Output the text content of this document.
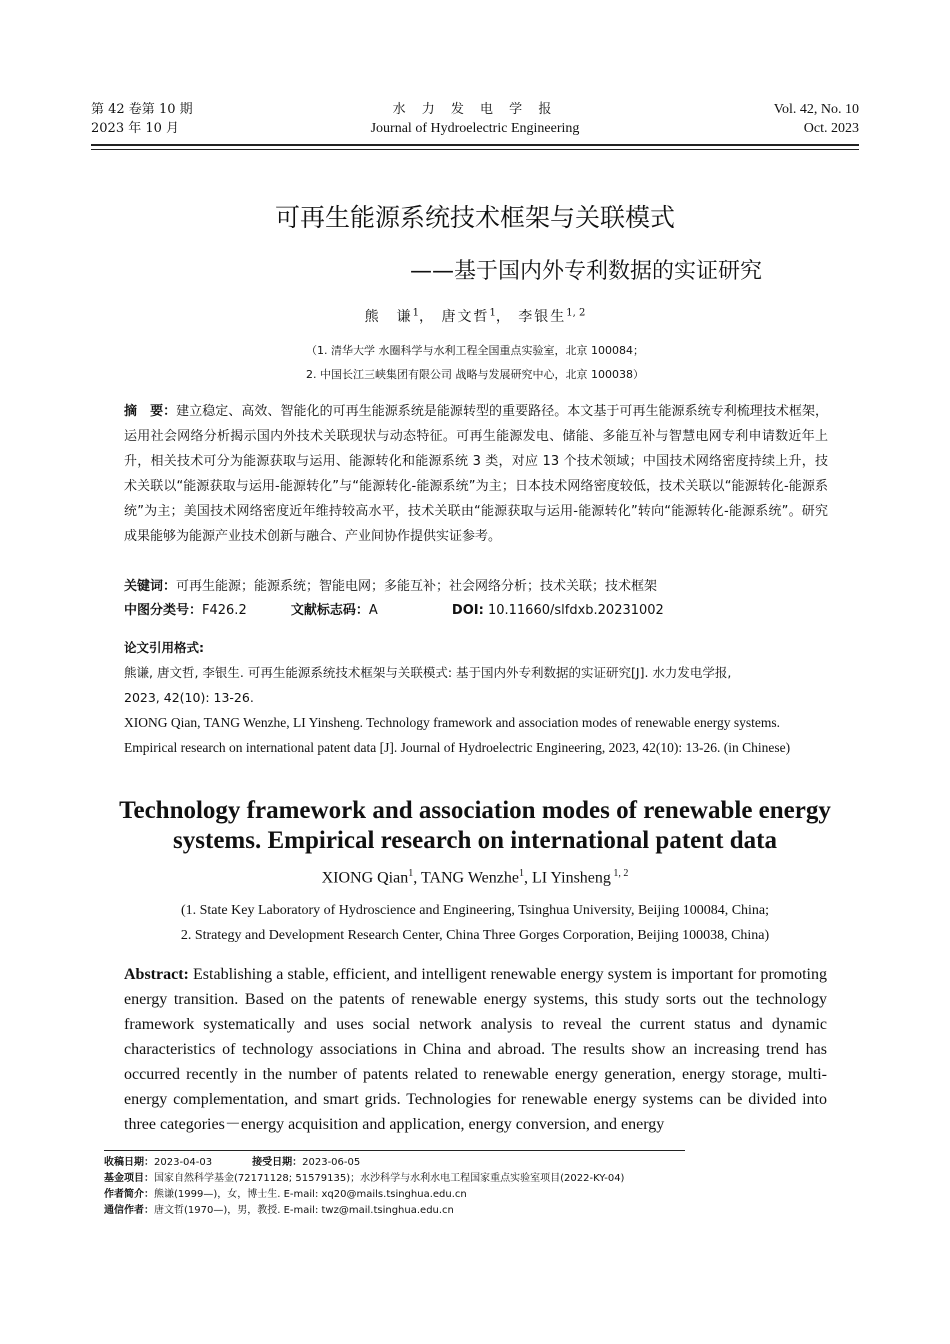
第 42 卷第 10 期
2023 年 10 月
水 力 发 电 学 报
Journal of Hydroelectric Engineering
Vol. 42, No. 10
Oct. 2023
可再生能源系统技术框架与关联模式
——基于国内外专利数据的实证研究
熊　谦$^1$， 唐文哲$^1$， 李银生$^{1, 2}$
（1. 清华大学 水圈科学与水利工程全国重点实验室，北京 100084；
2. 中国长江三峡集团有限公司 战略与发展研究中心，北京 100038）
摘　要：建立稳定、高效、智能化的可再生能源系统是能源转型的重要路径。本文基于可再生能源系统专利梳理技术框架，运用社会网络分析揭示国内外技术关联现状与动态特征。可再生能源发电、储能、多能互补与智慧电网专利申请数近年上升，相关技术可分为能源获取与运用、能源转化和能源系统 3 类，对应 13 个技术领域；中国技术网络密度持续上升，技术关联以“能源获取与运用-能源转化”与“能源转化-能源系统”为主；日本技术网络密度较低，技术关联以“能源转化-能源系统”为主；美国技术网络密度近年维持较高水平，技术关联由“能源获取与运用-能源转化”转向“能源转化-能源系统”。研究成果能够为能源产业技术创新与融合、产业间协作提供实证参考。
关键词：可再生能源；能源系统；智能电网；多能互补；社会网络分析；技术关联；技术框架
中图分类号：F426.2	文献标志码：A	DOI: 10.11660/slfdxb.20231002
论文引用格式:
熊谦, 唐文哲, 李银生. 可再生能源系统技术框架与关联模式: 基于国内外专利数据的实证研究[J]. 水力发电学报,
2023, 42(10): 13-26.
XIONG Qian, TANG Wenzhe, LI Yinsheng. Technology framework and association modes of renewable energy systems.
Empirical research on international patent data [J]. Journal of Hydroelectric Engineering, 2023, 42(10): 13-26. (in Chinese)
Technology framework and association modes of renewable energy
systems. Empirical research on international patent data
XIONG Qian$^1$, TANG Wenzhe$^1$, LI Yinsheng $^{1, 2}$
(1. State Key Laboratory of Hydroscience and Engineering, Tsinghua University, Beijing 100084, China;
2. Strategy and Development Research Center, China Three Gorges Corporation, Beijing 100038, China)
Abstract: Establishing a stable, efficient, and intelligent renewable energy system is important for promoting energy transition. Based on the patents of renewable energy systems, this study sorts out the technology framework systematically and uses social network analysis to reveal the current status and dynamic characteristics of technology associations in China and abroad. The results show an increasing trend has occurred recently in the number of patents related to renewable energy generation, energy storage, multi-energy complementation, and smart grids. Technologies for renewable energy systems can be divided into three categories－energy acquisition and application, energy conversion, and energy
收稿日期：2023-04-03	接受日期：2023-06-05
基金项目：国家自然科学基金(72171128; 51579135)；水沙科学与水利水电工程国家重点实验室项目(2022-KY-04)
作者简介：熊谦(1999—)，女，博士生. E-mail: xq20@mails.tsinghua.edu.cn
通信作者：唐文哲(1970—)，男，教授. E-mail: twz@mail.tsinghua.edu.cn
